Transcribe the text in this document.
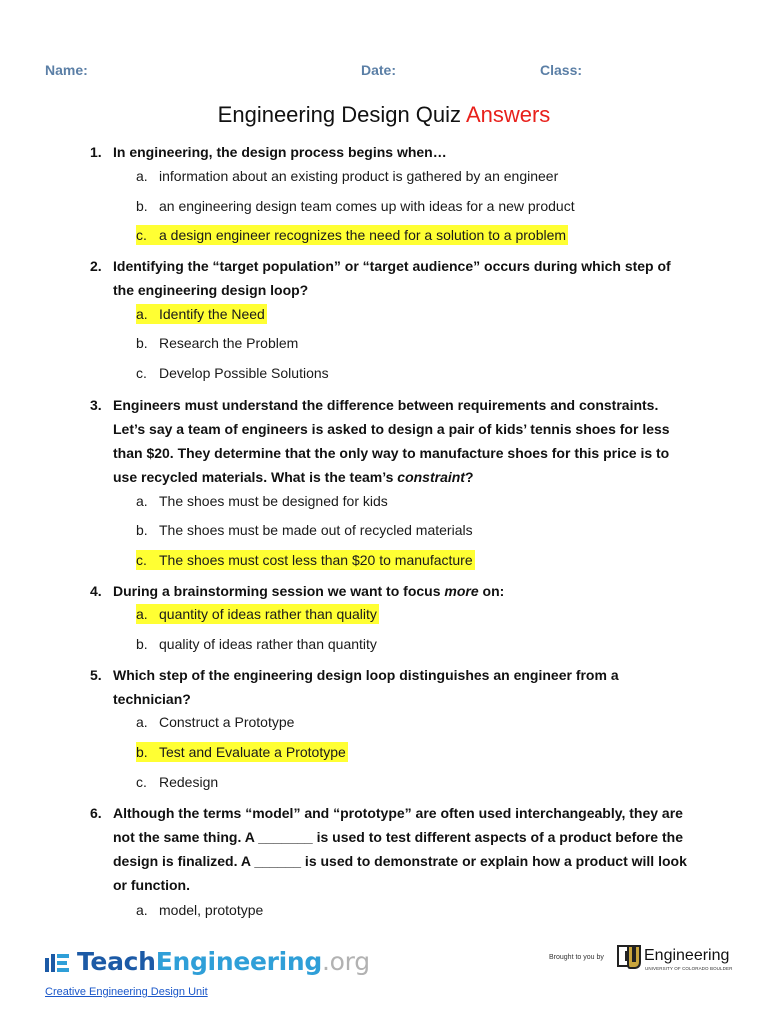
Name:	Date:	Class:
Engineering Design Quiz Answers
1. In engineering, the design process begins when…
a. information about an existing product is gathered by an engineer
b. an engineering design team comes up with ideas for a new product
c. a design engineer recognizes the need for a solution to a problem
2. Identifying the “target population” or “target audience” occurs during which step of the engineering design loop?
a. Identify the Need
b. Research the Problem
c. Develop Possible Solutions
3. Engineers must understand the difference between requirements and constraints. Let’s say a team of engineers is asked to design a pair of kids’ tennis shoes for less than $20. They determine that the only way to manufacture shoes for this price is to use recycled materials. What is the team’s constraint?
a. The shoes must be designed for kids
b. The shoes must be made out of recycled materials
c. The shoes must cost less than $20 to manufacture
4. During a brainstorming session we want to focus more on:
a. quantity of ideas rather than quality
b. quality of ideas rather than quantity
5. Which step of the engineering design loop distinguishes an engineer from a technician?
a. Construct a Prototype
b. Test and Evaluate a Prototype
c. Redesign
6. Although the terms “model” and “prototype” are often used interchangeably, they are not the same thing. A _______ is used to test different aspects of a product before the design is finalized. A ______ is used to demonstrate or explain how a product will look or function.
a. model, prototype
TeachEngineering.org	Brought to you by	Engineering
UNIVERSITY OF COLORADO BOULDER
Creative Engineering Design Unit
